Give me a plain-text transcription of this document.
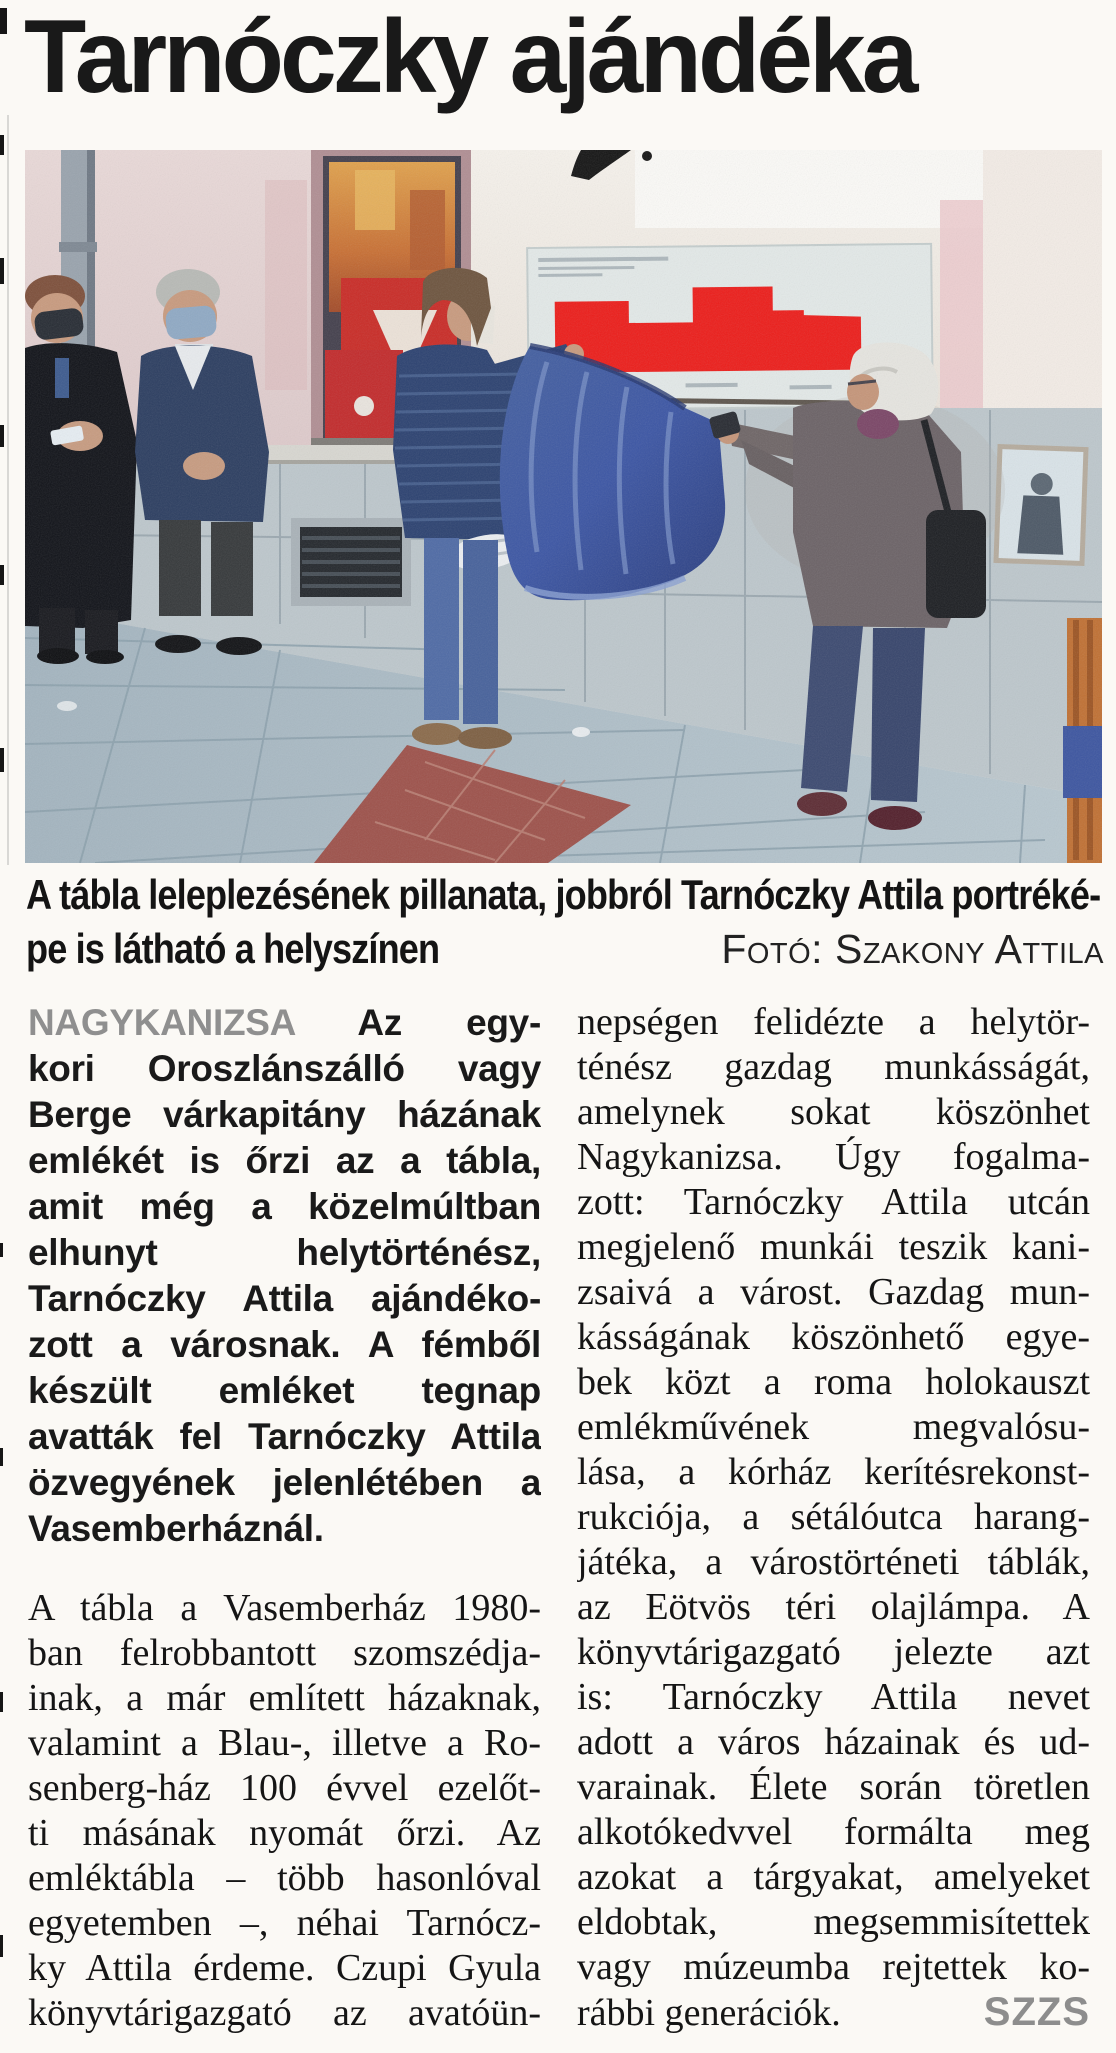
Tarnóczky ajándéka
A tábla leleplezésének pillanata, jobbról Tarnóczky Attila portréké-
pe is látható a helyszínen	Fotó: Szakony Attila
NAGYKANIZSA Az egy-
kori Oroszlánszálló vagy
Berge várkapitány házának
emlékét is őrzi az a tábla,
amit még a közelmúltban
elhunyt helytörténész,
Tarnóczky Attila ajándéko-
zott a városnak. A fémből
készült emléket tegnap
avatták fel Tarnóczky Attila
özvegyének jelenlétében a
Vasemberháznál.
A tábla a Vasemberház 1980-
ban felrobbantott szomszédja-
inak, a már említett házaknak,
valamint a Blau-, illetve a Ro-
senberg-ház 100 évvel ezelőt-
ti másának nyomát őrzi. Az
emléktábla – több hasonlóval
egyetemben –, néhai Tarnócz-
ky Attila érdeme. Czupi Gyula
könyvtárigazgató az avatóün-
nepségen felidézte a helytör-
ténész gazdag munkásságát,
amelynek sokat köszönhet
Nagykanizsa. Úgy fogalma-
zott: Tarnóczky Attila utcán
megjelenő munkái teszik kani-
zsaivá a várost. Gazdag mun-
kásságának köszönhető egye-
bek közt a roma holokauszt
emlékművének megvalósu-
lása, a kórház kerítésrekonst-
rukciója, a sétálóutca harang-
játéka, a várostörténeti táblák,
az Eötvös téri olajlámpa. A
könyvtárigazgató jelezte azt
is: Tarnóczky Attila nevet
adott a város házainak és ud-
varainak. Élete során töretlen
alkotókedvvel formálta meg
azokat a tárgyakat, amelyeket
eldobtak, megsemmisítettek
vagy múzeumba rejtettek ko-
rábbi generációk.	SZZS
